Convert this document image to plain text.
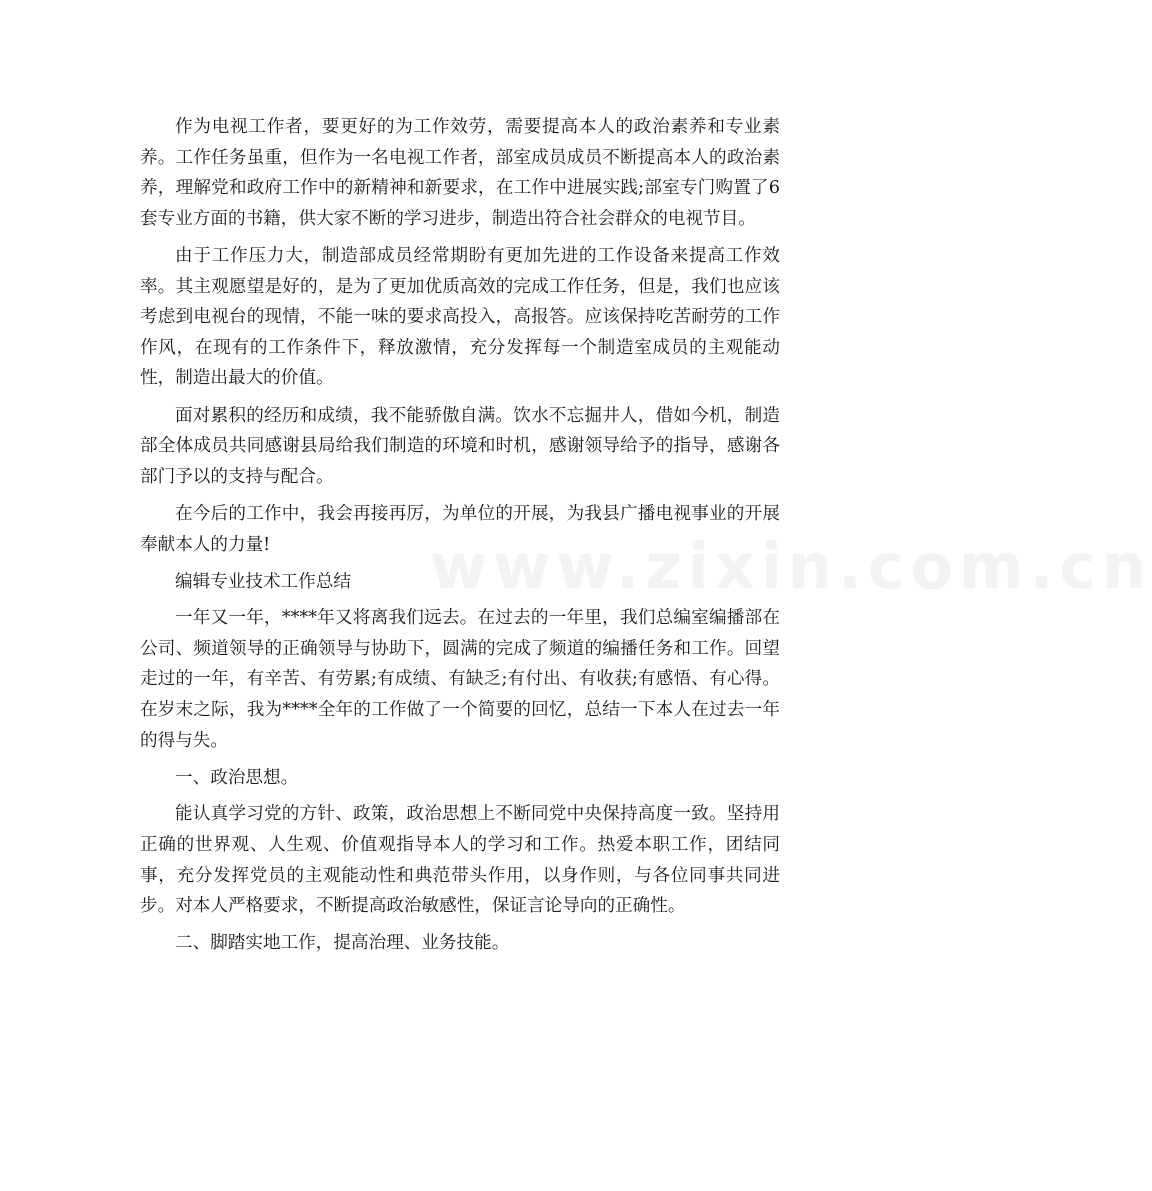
www.zixin.com.cn

作为电视工作者，要更好的为工作效劳，需要提高本人的政治素养和专业素养。工作任务虽重，但作为一名电视工作者，部室成员成员不断提高本人的政治素养，理解党和政府工作中的新精神和新要求，在工作中进展实践;部室专门购置了6套专业方面的书籍，供大家不断的学习进步，制造出符合社会群众的电视节目。

由于工作压力大，制造部成员经常期盼有更加先进的工作设备来提高工作效率。其主观愿望是好的，是为了更加优质高效的完成工作任务，但是，我们也应该考虑到电视台的现情，不能一味的要求高投入，高报答。应该保持吃苦耐劳的工作作风，在现有的工作条件下，释放激情，充分发挥每一个制造室成员的主观能动性，制造出最大的价值。

面对累积的经历和成绩，我不能骄傲自满。饮水不忘掘井人，借如今机，制造部全体成员共同感谢县局给我们制造的环境和时机，感谢领导给予的指导，感谢各部门予以的支持与配合。

在今后的工作中，我会再接再厉，为单位的开展，为我县广播电视事业的开展奉献本人的力量!

编辑专业技术工作总结

一年又一年，****年又将离我们远去。在过去的一年里，我们总编室编播部在公司、频道领导的正确领导与协助下，圆满的完成了频道的编播任务和工作。回望走过的一年，有辛苦、有劳累;有成绩、有缺乏;有付出、有收获;有感悟、有心得。在岁末之际，我为****全年的工作做了一个简要的回忆，总结一下本人在过去一年的得与失。

一、政治思想。

能认真学习党的方针、政策，政治思想上不断同党中央保持高度一致。坚持用正确的世界观、人生观、价值观指导本人的学习和工作。热爱本职工作，团结同事，充分发挥党员的主观能动性和典范带头作用，以身作则，与各位同事共同进步。对本人严格要求，不断提高政治敏感性，保证言论导向的正确性。

二、脚踏实地工作，提高治理、业务技能。
